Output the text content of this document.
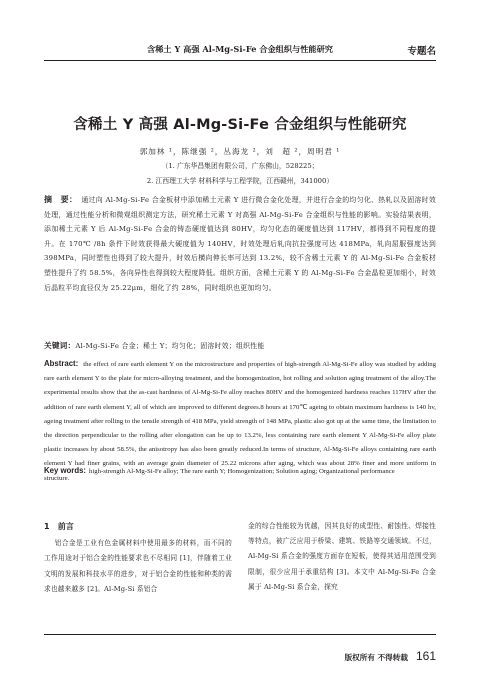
含稀土 Y 高强 Al-Mg-Si-Fe 合金组织与性能研究	专题名
含稀土 Y 高强 Al-Mg-Si-Fe 合金组织与性能研究
郭加林 ¹，陈继强 ²，丛海龙 ²，刘　超 ²，周明君 ¹
（1. 广东华昌集团有限公司，广东佛山，528225；
2. 江西理工大学 材料科学与工程学院，江西赣州，341000）
摘　要： 通过向 Al-Mg-Si-Fe 合金板材中添加稀土元素 Y 进行微合金化处理，并进行合金的均匀化、热轧以及固溶时效处理，通过性能分析和微观组织测定方法，研究稀土元素 Y 对高强 Al-Mg-Si-Fe 合金组织与性能的影响。实验结果表明，添加稀土元素 Y 后 Al-Mg-Si-Fe 合金的铸态硬度值达到 80HV，均匀化态的硬度值达到 117HV，都得到不同程度的提升。在 170℃ /8h 条件下时效获得最大硬度值为 140HV，时效处理后轧向抗拉强度可达 418MPa，轧向屈服强度达到 398MPa，同时塑性也得到了较大提升，时效后横向伸长率可达到 13.2%，较不含稀土元素 Y 的 Al-Mg-Si-Fe 合金板材塑性提升了约 58.5%，各向异性也得到较大程度降低。组织方面，含稀土元素 Y 的 Al-Mg-Si-Fe 合金晶粒更加细小，时效后晶粒平均直径仅为 25.22μm，细化了约 28%，同时组织也更加均匀。
关键词：Al-Mg-Si-Fe 合金；稀土 Y；均匀化；固溶时效；组织性能
Abstract: the effect of rare earth element Y on the microstructure and properties of high-strength Al-Mg-Si-Fe alloy was studied by adding rare earth element Y to the plate for micro-alloying treatment, and the homogenization, hot rolling and solution aging treatment of the alloy.The experimental results show that the as-cast hardness of Al-Mg-Si-Fe alloy reaches 80HV and the homogenized hardness reaches 117HV after the addition of rare earth element Y, all of which are improved to different degrees.8 hours at 170℃ ageing to obtain maximum hardness is 140 hv, ageing treatment after rolling to the tensile strength of 418 MPa, yield strength of 148 MPa, plastic also got up at the same time, the limitation to the direction perpendicular to the rolling after elongation can be up to 13.2%, less containing rare earth element Y Al-Mg-Si-Fe alloy plate plastic increases by about 58.5%, the anisotropy has also been greatly reduced.In terms of structure, Al-Mg-Si-Fe alloys containing rare earth element Y had finer grains, with an average grain diameter of 25.22 microns after aging, which was about 28% finer and more uniform in structure.
Key words: high-strength Al-Mg-Si-Fe alloy; The rare earth Y; Homogenization; Solution aging; Organizational performance
1 前言
铝合金是工业有色金属材料中使用最多的材料，而不同的工作用途对于铝合金的性能要求也不尽相同 [1]，伴随着工业文明的发展和科技水平的进步，对于铝合金的性能和种类的需求也越来越多 [2]。Al-Mg-Si 系铝合
金的综合性能较为优越，因其良好的成型性、耐蚀性、焊接性等特点，被广泛应用于桥梁、建筑、铁路等交通领域。不过，Al-Mg-Si 系合金的强度方面存在短板，使得其适用范围受到限制，很少应用于承重结构 [3]。本文中 Al-Mg-Si-Fe 合金属于 Al-Mg-Si 系合金，探究
版权所有 不得转载 161
